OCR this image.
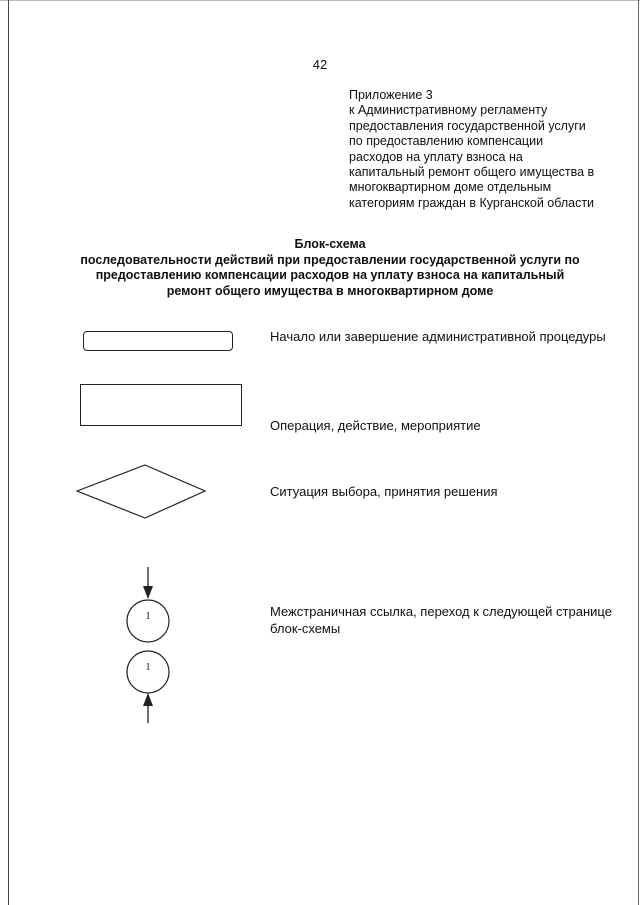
42
Приложение 3
к Административному регламенту
предоставления государственной услуги
по предоставлению компенсации
расходов на уплату взноса на
капитальный ремонт общего имущества в
многоквартирном доме отдельным
категориям граждан в Курганской области
Блок-схема
последовательности действий при предоставлении государственной услуги по
предоставлению компенсации расходов на уплату взноса на капитальный
ремонт общего имущества в многоквартирном доме
Начало или завершение административной процедуры
Операция, действие, мероприятие
Ситуация выбора, принятия решения
1
1
Межстраничная ссылка, переход к следующей странице
блок-схемы
